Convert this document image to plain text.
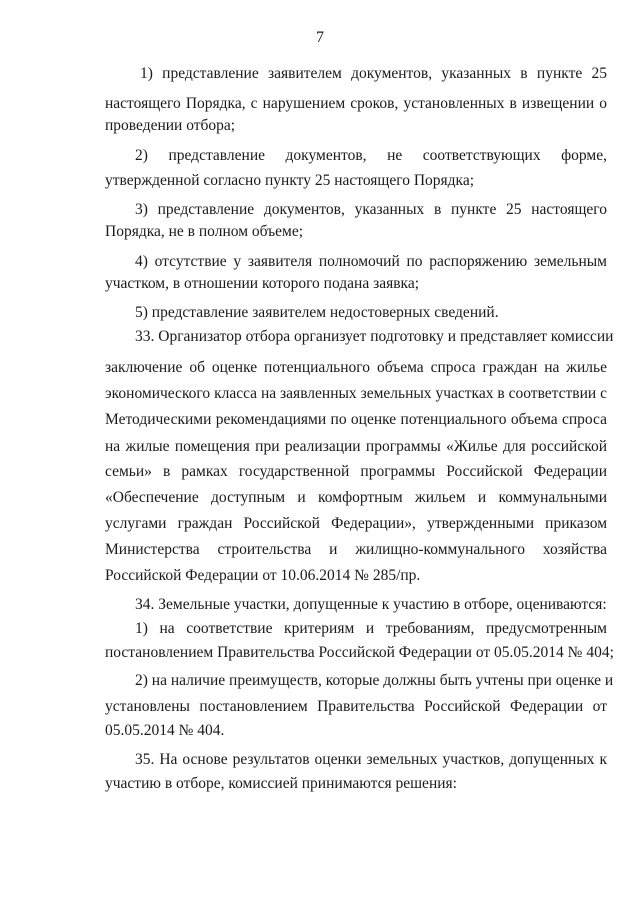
7
1) представление заявителем документов, указанных в пункте 25
настоящего Порядка, с нарушением сроков, установленных в извещении о
проведении отбора;
2) представление документов, не соответствующих форме,
утвержденной согласно пункту 25 настоящего Порядка;
3) представление документов, указанных в пункте 25 настоящего
Порядка, не в полном объеме;
4) отсутствие у заявителя полномочий по распоряжению земельным
участком, в отношении которого подана заявка;
5) представление заявителем недостоверных сведений.
33. Организатор отбора организует подготовку и представляет комиссии
заключение об оценке потенциального объема спроса граждан на жилье
экономического класса на заявленных земельных участках в соответствии с
Методическими рекомендациями по оценке потенциального объема спроса
на жилые помещения при реализации программы «Жилье для российской
семьи» в рамках государственной программы Российской Федерации
«Обеспечение доступным и комфортным жильем и коммунальными
услугами граждан Российской Федерации», утвержденными приказом
Министерства строительства и жилищно-коммунального хозяйства
Российской Федерации от 10.06.2014 № 285/пр.
34. Земельные участки, допущенные к участию в отборе, оцениваются:
1) на соответствие критериям и требованиям, предусмотренным
постановлением Правительства Российской Федерации от 05.05.2014 № 404;
2) на наличие преимуществ, которые должны быть учтены при оценке и
установлены постановлением Правительства Российской Федерации от
05.05.2014 № 404.
35. На основе результатов оценки земельных участков, допущенных к
участию в отборе, комиссией принимаются решения:
